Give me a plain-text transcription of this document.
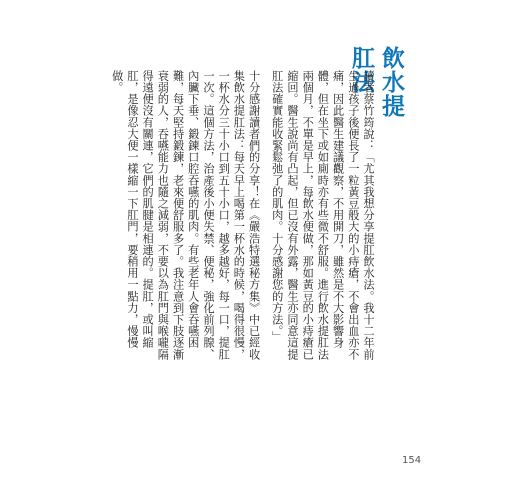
飲水提肛法

讀者蔡竹筠說：「尤其我想分享提肛飲水法。我十二年前生過孩子後便長了一粒黃豆般大的小痔瘡，不會出血亦不痛，因此醫生建議觀察，不用開刀，雖然是不大影響身體，但在坐下或如廁時亦有些微不舒服。進行飲水提肛法兩個月，不單是早上，每飲水便做，那如黃豆的小痔瘡已縮回。醫生說尚有凸起，但已沒有外露，醫生亦同意這提肛法確實能收緊鬆弛了的肌肉。十分感謝您的方法。」

十分感謝讀者們的分享！在《嚴浩特選秘方集》中已經收集飲水提肛法：每天早上喝第一杯水的時候，喝得很慢，一杯水分三十小口到五十小口，越多越好，每一口，提肛一次。這個方法，治產後小便失禁、便秘，強化前列腺、內臟下垂、鍛鍊口腔吞嚥的肌肉。有些老年人會吞嚥困難，每天堅持鍛鍊，老來便舒服多了。我注意到下肢逐漸衰弱的人，吞嚥能力也隨之減弱，不要以為肛門與喉嚨隔得遠便沒有關連，它們的肌腱是相連的。提肛，或叫縮肛，是像忍大便一樣縮一下肛門，要稍用一點力，慢慢做。

154
